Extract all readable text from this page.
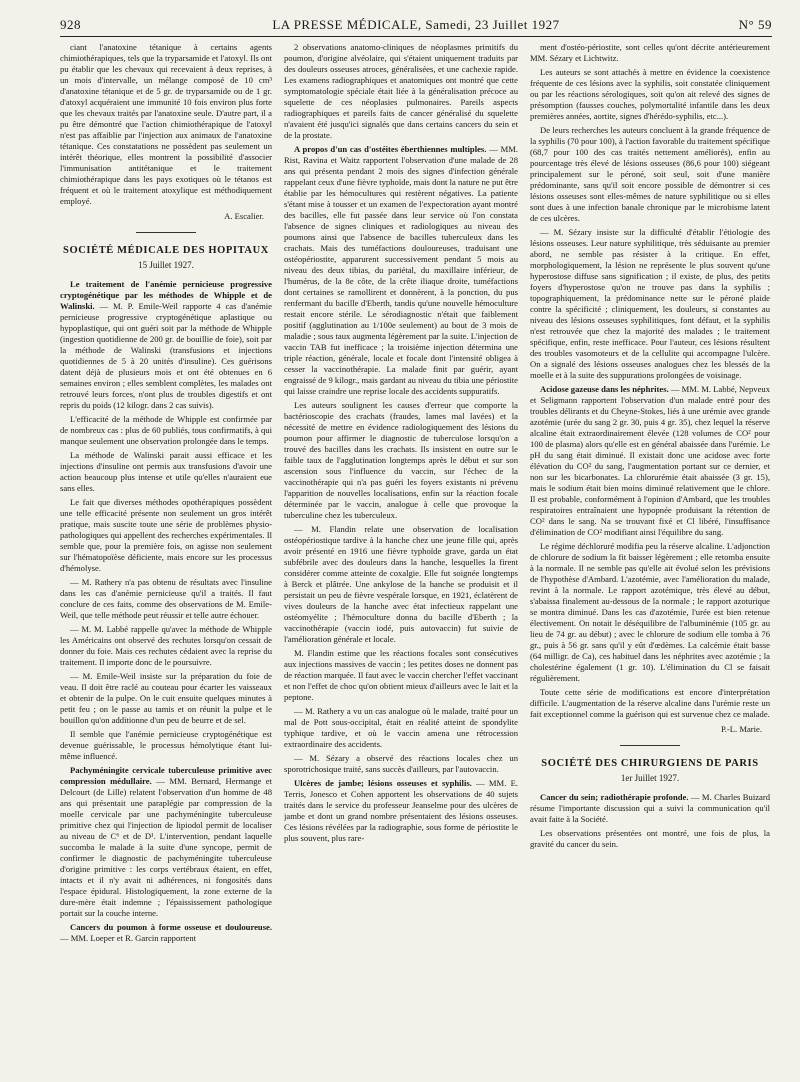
928	LA PRESSE MÉDICALE, Samedi, 23 Juillet 1927	N° 59

ciant l'anatoxine tétanique à certains agents chimiothérapiques, tels que la tryparsamide et l'atoxyl. Ils ont pu établir que les chevaux qui recevaient à deux reprises, à un mois d'intervalle, un mélange composé de 10 cm³ d'anatoxine tétanique et de 5 gr. de tryparsamide ou de 1 gr. d'atoxyl acquéraient une immunité 10 fois environ plus forte que les chevaux traités par l'anatoxine seule. D'autre part, il a pu être démontré que l'action chimiothérapique de l'atoxyl n'est pas affaiblie par l'injection aux animaux de l'anatoxine tétanique. Ces constatations ne possèdent pas seulement un intérêt théorique, elles montrent la possibilité d'associer l'immunisation antitétanique et le traitement chimiothérapique dans les pays exotiques où le tétanos est fréquent et où le traitement atoxylique est méthodiquement employé.

A. Escalier.
SOCIÉTÉ MÉDICALE DES HOPITAUX
15 Juillet 1927.

Le traitement de l'anémie pernicieuse progressive cryptogénétique par les méthodes de Whipple et de Walinski. — M. P. Emile-Weil rapporte 4 cas d'anémie pernicieuse progressive cryptogénétique aplastique ou hypoplastique, qui ont guéri soit par la méthode de Whipple (ingestion quotidienne de 200 gr. de bouillie de foie), soit par la méthode de Walinski (transfusions et injections quotidiennes de 5 à 20 unités d'insuline). Ces guérisons datent déjà de plusieurs mois et ont été obtenues en 6 semaines environ ; elles semblent complètes, les malades ont retrouvé leurs forces, n'ont plus de troubles digestifs et ont repris du poids (12 kilogr. dans 2 cas suivis).

L'efficacité de la méthode de Whipple est confirmée par de nombreux cas : plus de 60 publiés, tous confirmatifs, à qui manque seulement une observation prolongée dans le temps.

La méthode de Walinski parait aussi efficace et les injections d'insuline ont permis aux transfusions d'avoir une action beaucoup plus intense et utile qu'elles n'auraient eue sans elles.

Le fait que diverses méthodes opothérapiques possèdent une telle efficacité présente non seulement un gros intérêt pratique, mais suscite toute une série de problèmes physio-pathologiques qui appellent des recherches expérimentales. Il semble que, pour la première fois, on agisse non seulement sur l'hématopoïèse déficiente, mais encore sur les processus d'hémolyse.

— M. Rathery n'a pas obtenu de résultats avec l'insuline dans les cas d'anémie pernicieuse qu'il a traités. Il faut conclure de ces faits, comme des observations de M. Emile-Weil, que telle méthode peut réussir et telle autre échouer.

— M. M. Labbé rappelle qu'avec la méthode de Whipple les Américains ont observé des rechutes lorsqu'on cessait de donner du foie. Mais ces rechutes cédaient avec la reprise du traitement. Il importe donc de le poursuivre.

— M. Emile-Weil insiste sur la préparation du foie de veau. Il doit être raclé au couteau pour écarter les vaisseaux et obtenir de la pulpe. On le cuit ensuite quelques minutes à petit feu ; on le passe au tamis et on réunit la pulpe et le bouillon qu'on additionne d'un peu de beurre et de sel.

Il semble que l'anémie pernicieuse cryptogénétique est devenue guérissable, le processus hémolytique étant lui-même influencé.

Pachyméningite cervicale tuberculeuse primitive avec compression médullaire. — MM. Bernard, Hermange et Delcourt (de Lille) relatent l'observation d'un homme de 48 ans qui présentait une paraplégie par compression de la moelle cervicale par une pachyméningite tuberculeuse primitive chez qui l'injection de lipiodol permit de localiser au niveau de C⁶ et de D¹. L'intervention, pendant laquelle succomba le malade à la suite d'une syncope, permit de confirmer le diagnostic de pachyméningite tuberculeuse d'origine primitive : les corps vertébraux étaient, en effet, intacts et il n'y avait ni adhérences, ni fongosités dans l'espace épidural. Histologiquement, la zone externe de la dure-mère était indemne ; l'épaississement pathologique portait sur la couche interne.

Cancers du poumon à forme osseuse et douloureuse. — MM. Loeper et R. Garcin rapportent

2 observations anatomo-cliniques de néoplasmes primitifs du poumon, d'origine alvéolaire, qui s'étaient uniquement traduits par des douleurs osseuses atroces, généralisées, et une cachexie rapide. Les examens radiographiques et anatomiques ont montré que cette symptomatologie spéciale était liée à la généralisation précoce au squelette de ces néoplasies pulmonaires. Pareils aspects radiographiques et pareils faits de cancer généralisé du squelette n'avaient été jusqu'ici signalés que dans certains cancers du sein et de la prostate.

A propos d'un cas d'ostéites éberthiennes multiples. — MM. Rist, Ravina et Waitz rapportent l'observation d'une malade de 28 ans qui présenta pendant 2 mois des signes d'infection générale rappelant ceux d'une fièvre typhoïde, mais dont la nature ne put être établie par les hémocultures qui restèrent négatives. La patiente s'étant mise à tousser et un examen de l'expectoration ayant montré des bacilles, elle fut passée dans leur service où l'on constata l'absence de signes cliniques et radiologiques au niveau des poumons ainsi que l'absence de bacilles tuberculeux dans les crachats. Mais des tuméfactions douloureuses, traduisant une ostéopériostite, apparurent successivement pendant 5 mois au niveau des deux tibias, du pariétal, du maxillaire inférieur, de l'humérus, de la 8e côte, de la crête iliaque droite, tuméfactions dont certaines se ramollirent et donnèrent, à la ponction, du pus renfermant du bacille d'Eberth, tandis qu'une nouvelle hémoculture restait encore stérile. Le sérodiagnostic n'était que faiblement positif (agglutination au 1/100e seulement) au bout de 3 mois de maladie ; sous taux augmenta légèrement par la suite. L'injection de vaccin TAB fut inefficace ; la troisième injection détermina une triple réaction, générale, locale et focale dont l'intensité obligea à cesser la vaccinothérapie. La malade finit par guérir, ayant engraissé de 9 kilogr., mais gardant au niveau du tibia une périostite qui laisse craindre une reprise locale des accidents suppuratifs.

Les auteurs soulignent les causes d'erreur que comporte la bactérioscopie des crachats (fraudes, lames mal lavées) et la nécessité de mettre en évidence radiologiquement des lésions du poumon pour affirmer le diagnostic de tuberculose lorsqu'on a trouvé des bacilles dans les crachats. Ils insistent en outre sur le faible taux de l'agglutination longtemps après le début et sur son ascension sous l'influence du vaccin, sur l'échec de la vaccinothérapie qui n'a pas guéri les foyers existants ni prévenu l'apparition de nouvelles localisations, enfin sur la réaction focale déterminée par le vaccin, analogue à celle que provoque la tuberculine chez les tuberculeux.

— M. Flandin relate une observation de localisation ostéopériostique tardive à la hanche chez une jeune fille qui, après avoir présenté en 1916 une fièvre typhoïde grave, garda un état subfébrile avec des douleurs dans la hanche, lesquelles la firent considérer comme atteinte de coxalgie. Elle fut soignée longtemps à Berck et plâtrée. Une ankylose de la hanche se produisit et il persistait un peu de fièvre vespérale lorsque, en 1921, éclatèrent de vives douleurs de la hanche avec état infectieux rappelant une ostéomyélite ; l'hémoculture donna du bacille d'Eberth ; la vaccinothérapie (vaccin iodé, puis autovaccin) fut suivie de l'amélioration générale et locale.

M. Flandin estime que les réactions focales sont consécutives aux injections massives de vaccin ; les petites doses ne donnent pas de réaction marquée. Il faut avec le vaccin chercher l'effet vaccinant et non l'effet de choc qu'on obtient mieux d'ailleurs avec le lait et la peptone.

— M. Rathery a vu un cas analogue où le malade, traité pour un mal de Pott sous-occipital, était en réalité atteint de spondylite typhique tardive, et où le vaccin amena une rétrocession extraordinaire des accidents.

— M. Sézary a observé des réactions locales chez un sporotrichosique traité, sans succès d'ailleurs, par l'autovaccin.

Ulcères de jambe; lésions osseuses et syphilis. — MM. E. Terris, Jonesco et Cohen apportent les observations de 40 sujets traités dans le service du professeur Jeanselme pour des ulcères de jambe et dont un grand nombre présentaient des lésions osseuses. Ces lésions révélées par la radiographie, sous forme de périostite le plus souvent, plus rare-

ment d'ostéo-périostite, sont celles qu'ont décrite antérieurement MM. Sézary et Lichtwitz.

Les auteurs se sont attachés à mettre en évidence la coexistence fréquente de ces lésions avec la syphilis, soit constatée cliniquement ou par les réactions sérologiques, soit qu'on ait relevé des signes de présomption (fausses couches, polymortalité infantile dans les deux premières années, aortite, signes d'hérédo-syphilis, etc...).

De leurs recherches les auteurs concluent à la grande fréquence de la syphilis (70 pour 100), à l'action favorable du traitement spécifique (68,7 pour 100 des cas traités nettement améliorés), enfin au pourcentage très élevé de lésions osseuses (86,6 pour 100) siégeant principalement sur le péroné, soit seul, soit d'une manière prédominante, sans qu'il soit encore possible de démontrer si ces lésions osseuses sont elles-mêmes de nature syphilitique ou si elles sont dues à une infection banale chronique par le microbisme latent de ces ulcères.

— M. Sézary insiste sur la difficulté d'établir l'étiologie des lésions osseuses. Leur nature syphilitique, très séduisante au premier abord, ne semble pas résister à la critique. En effet, morphologiquement, la lésion ne représente le plus souvent qu'une hyperostose diffuse sans signification ; il existe, de plus, des petits foyers d'hyperostose qu'on ne trouve pas dans la syphilis ; topographiquement, la prédominance nette sur le péroné plaide contre la spécificité ; cliniquement, les douleurs, si constantes au niveau des lésions osseuses syphilitiques, font défaut, et la syphilis n'est retrouvée que chez la majorité des malades ; le traitement spécifique, enfin, reste inefficace. Pour l'auteur, ces lésions résultent des troubles vasomoteurs et de la cellulite qui accompagne l'ulcère. On a signalé des lésions osseuses analogues chez les blessés de la moelle et à la suite des suppurations prolongées de voisinage.

Acidose gazeuse dans les néphrites. — MM. M. Labbé, Nepveux et Seligmann rapportent l'observation d'un malade entré pour des troubles délirants et du Cheyne-Stokes, liés à une urémie avec grande azotémie (urée du sang 2 gr. 30, puis 4 gr. 35), chez lequel la réserve alcaline était extraordinairement élevée (128 volumes de CO² pour 100 de plasma) alors qu'elle est en général abaissée dans l'urémie. Le pH du sang était diminué. Il existait donc une acidose avec forte élévation du CO² du sang, l'augmentation portant sur ce dernier, et non sur les bicarbonates. La chlorurémie était abaissée (3 gr. 15), mais le sodium était bien moins diminué relativement que le chlore. Il est probable, conformément à l'opinion d'Ambard, que les troubles respiratoires entraînaient une hypopnée produisant la rétention de CO² dans le sang. Na se trouvant fixé et Cl libéré, l'insuffisance d'élimination de CO² modifiant ainsi l'équilibre du sang.

Le régime déchloruré modifia peu la réserve alcaline. L'adjonction de chlorure de sodium la fit baisser légèrement ; elle retomba ensuite à la normale. Il ne semble pas qu'elle ait évolué selon les prévisions de l'hypothèse d'Ambard. L'azotémie, avec l'amélioration du malade, revint à la normale. Le rapport azotémique, très élevé au début, s'abaissa finalement au-dessous de la normale ; le rapport azoturique se montra diminué. Dans les cas d'azotémie, l'urée est bien retenue électivement. On notait le déséquilibre de l'albuminémie (105 gr. au lieu de 74 gr. au début) ; avec le chlorure de sodium elle tomba à 76 gr., puis à 56 gr. sans qu'il y eût d'œdèmes. La calcémie était basse (64 milligr. de Ca), ces habituel dans les néphrites avec azotémie ; la cholestérine également (1 gr. 10). L'élimination du Cl se faisait régulièrement.

Toute cette série de modifications est encore d'interprétation difficile. L'augmentation de la réserve alcaline dans l'urémie reste un fait exceptionnel comme la guérison qui est survenue chez ce malade.

P.-L. Marie.
SOCIÉTÉ DES CHIRURGIENS DE PARIS
1er Juillet 1927.

Cancer du sein; radiothérapie profonde. — M. Charles Buizard résume l'importante discussion qui a suivi la communication qu'il avait faite à la Société.

Les observations présentées ont montré, une fois de plus, la gravité du cancer du sein.
